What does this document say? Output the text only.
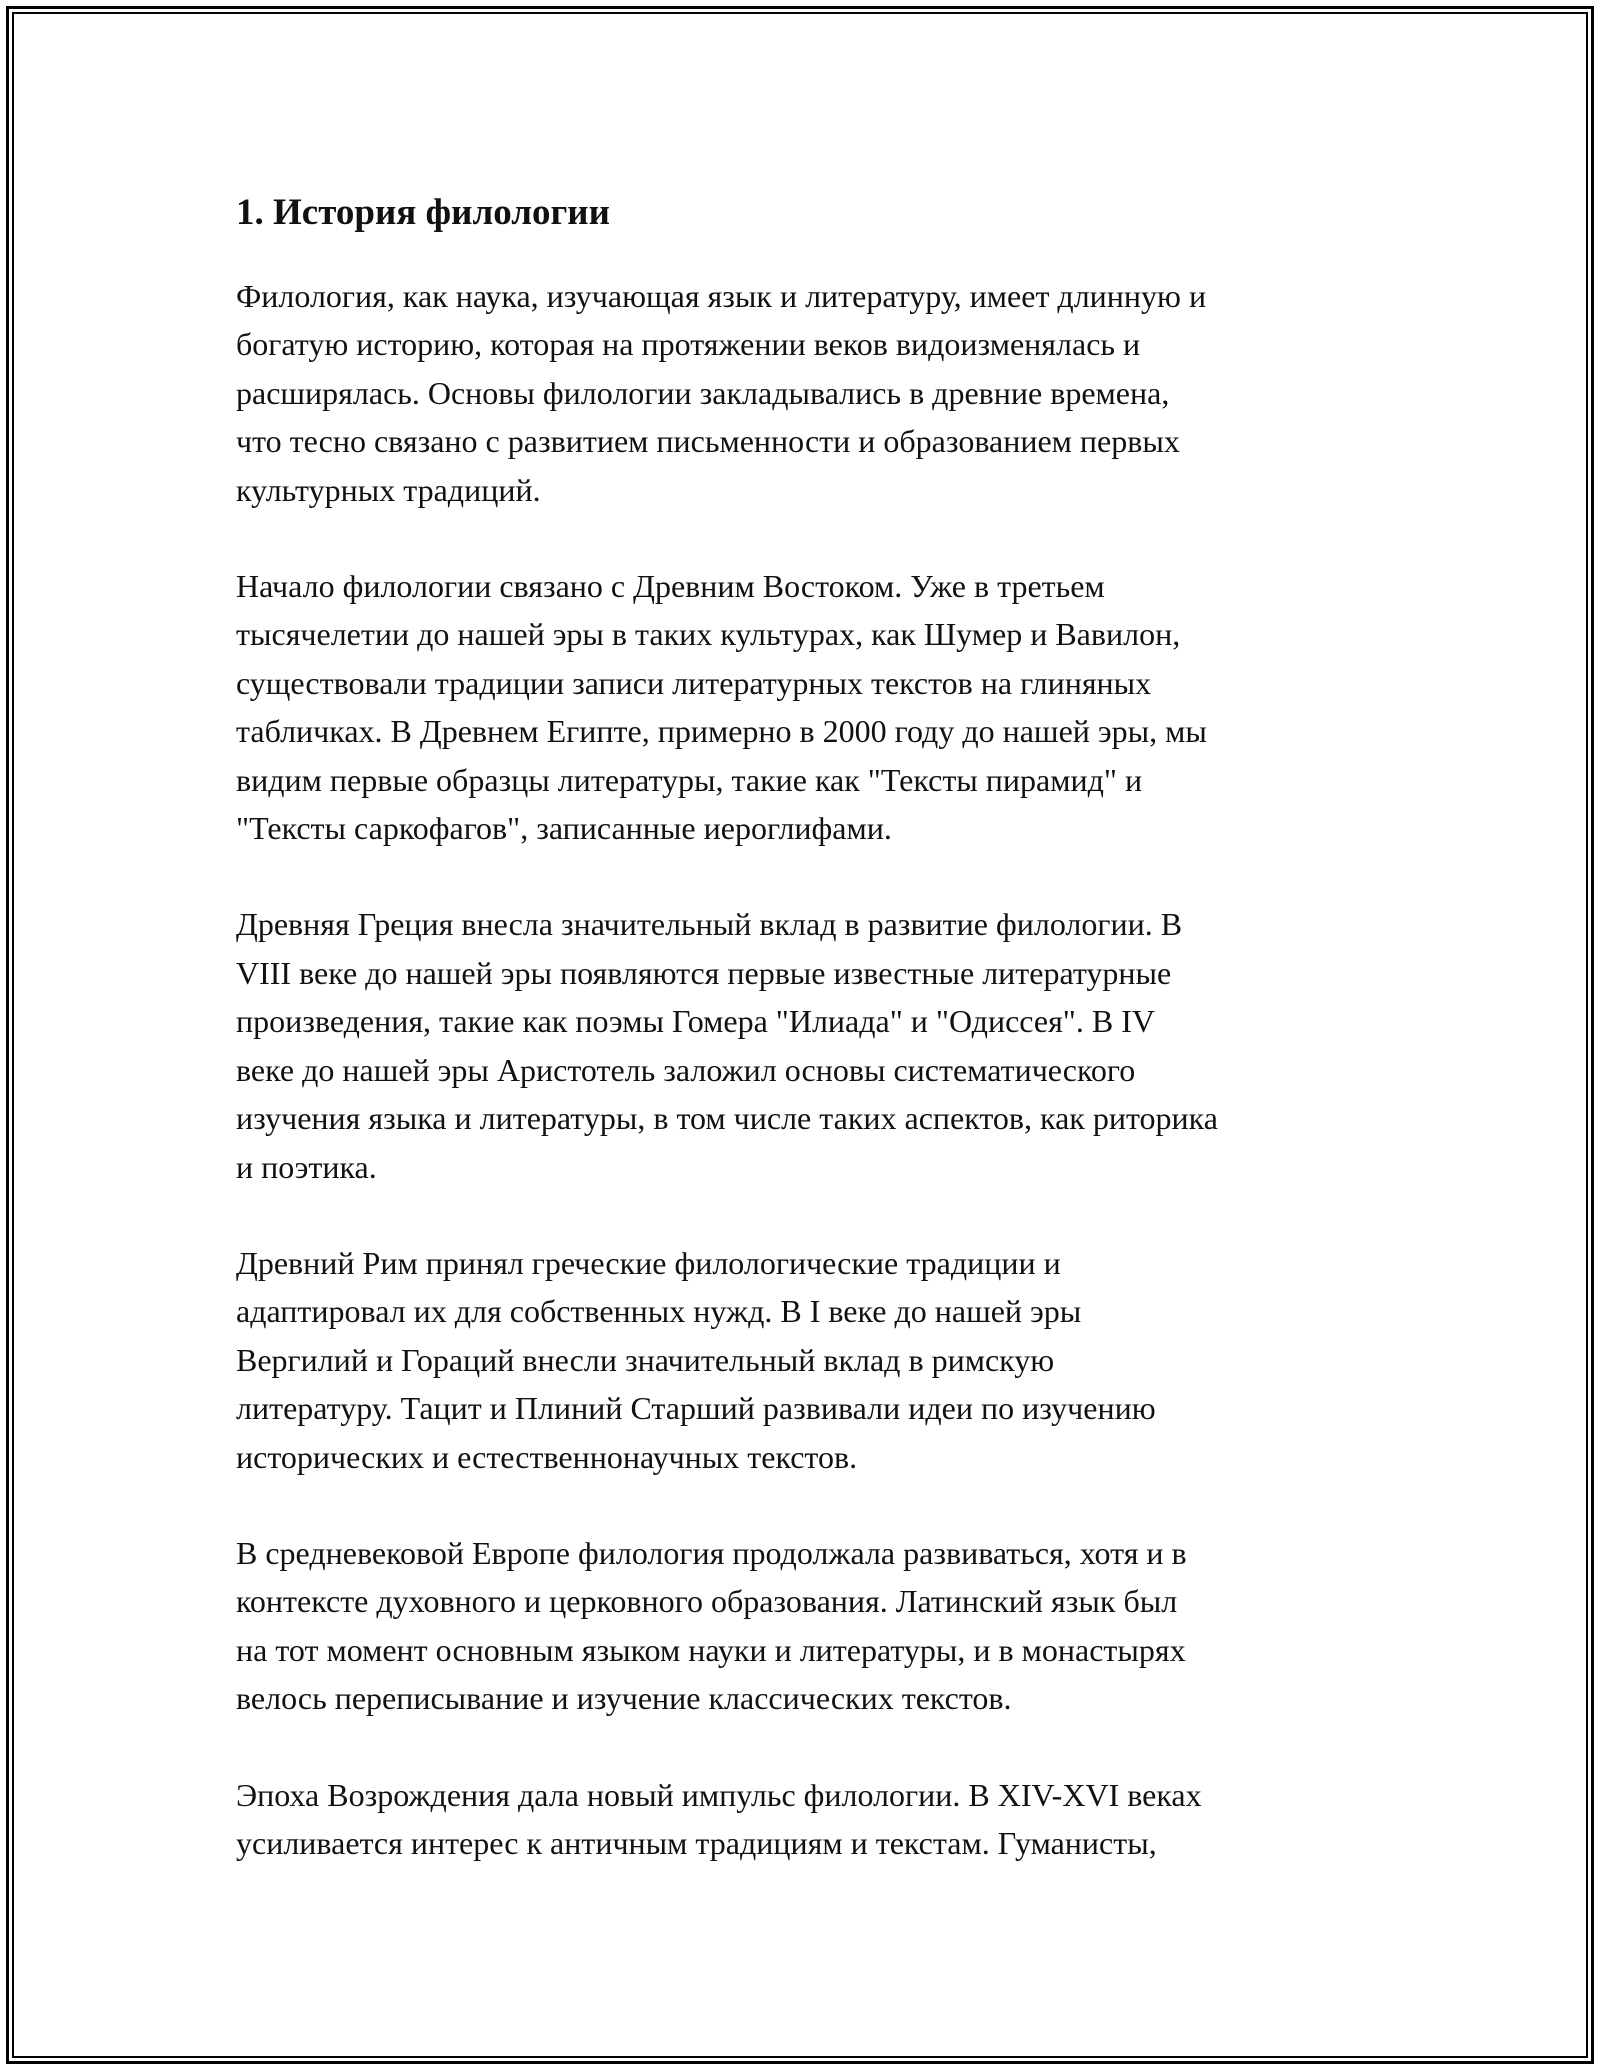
1. История филологии

Филология, как наука, изучающая язык и литературу, имеет длинную и
богатую историю, которая на протяжении веков видоизменялась и
расширялась. Основы филологии закладывались в древние времена,
что тесно связано с развитием письменности и образованием первых
культурных традиций.

Начало филологии связано с Древним Востоком. Уже в третьем
тысячелетии до нашей эры в таких культурах, как Шумер и Вавилон,
существовали традиции записи литературных текстов на глиняных
табличках. В Древнем Египте, примерно в 2000 году до нашей эры, мы
видим первые образцы литературы, такие как "Тексты пирамид" и
"Тексты саркофагов", записанные иероглифами.

Древняя Греция внесла значительный вклад в развитие филологии. В
VIII веке до нашей эры появляются первые известные литературные
произведения, такие как поэмы Гомера "Илиада" и "Одиссея". В IV
веке до нашей эры Аристотель заложил основы систематического
изучения языка и литературы, в том числе таких аспектов, как риторика
и поэтика.

Древний Рим принял греческие филологические традиции и
адаптировал их для собственных нужд. В I веке до нашей эры
Вергилий и Гораций внесли значительный вклад в римскую
литературу. Тацит и Плиний Старший развивали идеи по изучению
исторических и естественнонаучных текстов.

В средневековой Европе филология продолжала развиваться, хотя и в
контексте духовного и церковного образования. Латинский язык был
на тот момент основным языком науки и литературы, и в монастырях
велось переписывание и изучение классических текстов.

Эпоха Возрождения дала новый импульс филологии. В XIV-XVI веках
усиливается интерес к античным традициям и текстам. Гуманисты,
